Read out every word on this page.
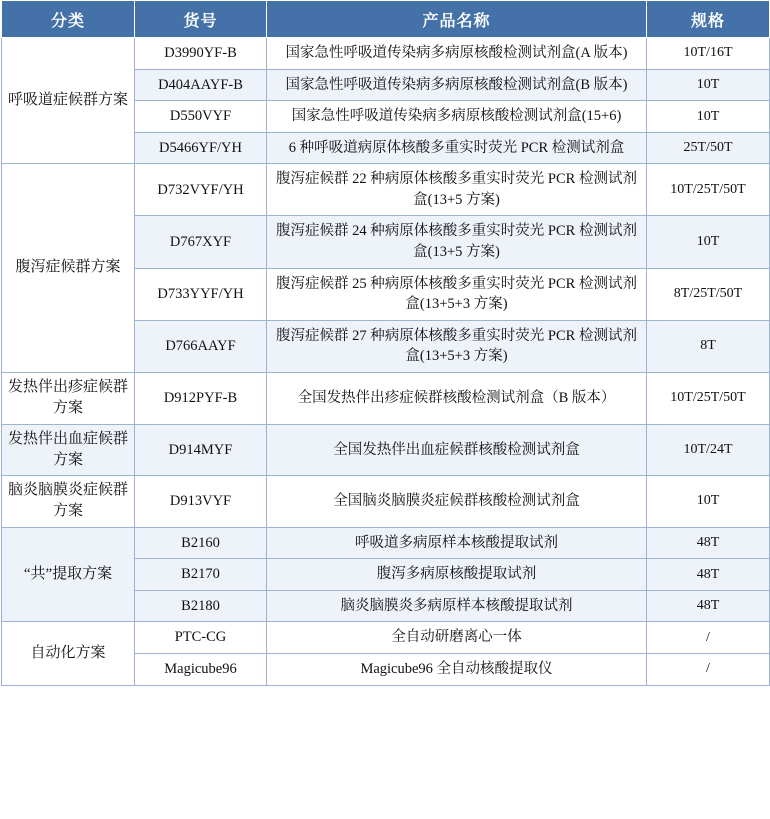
分类	货号	产品名称	规格
呼吸道症候群方案	D3990YF-B	国家急性呼吸道传染病多病原核酸检测试剂盒(A 版本)	10T/16T
	D404AAYF-B	国家急性呼吸道传染病多病原核酸检测试剂盒(B 版本)	10T
	D550VYF	国家急性呼吸道传染病多病原核酸检测试剂盒(15+6)	10T
	D5466YF/YH	6 种呼吸道病原体核酸多重实时荧光 PCR 检测试剂盒	25T/50T
腹泻症候群方案	D732VYF/YH	腹泻症候群 22 种病原体核酸多重实时荧光 PCR 检测试剂盒(13+5 方案)	10T/25T/50T
	D767XYF	腹泻症候群 24 种病原体核酸多重实时荧光 PCR 检测试剂盒(13+5 方案)	10T
	D733YYF/YH	腹泻症候群 25 种病原体核酸多重实时荧光 PCR 检测试剂盒(13+5+3 方案)	8T/25T/50T
	D766AAYF	腹泻症候群 27 种病原体核酸多重实时荧光 PCR 检测试剂盒(13+5+3 方案)	8T
发热伴出疹症候群方案	D912PYF-B	全国发热伴出疹症候群核酸检测试剂盒（B 版本）	10T/25T/50T
发热伴出血症候群方案	D914MYF	全国发热伴出血症候群核酸检测试剂盒	10T/24T
脑炎脑膜炎症候群方案	D913VYF	全国脑炎脑膜炎症候群核酸检测试剂盒	10T
“共”提取方案	B2160	呼吸道多病原样本核酸提取试剂	48T
	B2170	腹泻多病原核酸提取试剂	48T
	B2180	脑炎脑膜炎多病原样本核酸提取试剂	48T
自动化方案	PTC-CG	全自动研磨离心一体	/
	Magicube96	Magicube96 全自动核酸提取仪	/
